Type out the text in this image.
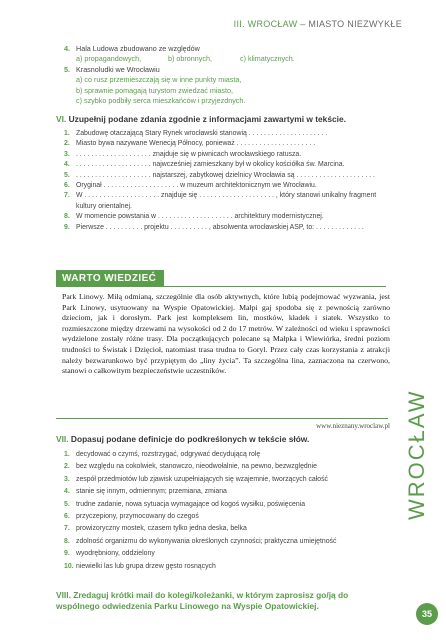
III. WROCŁAW – MIASTO NIEZWYKŁE
4. Hala Ludowa zbudowano ze względów
a) propagandowych,	b) obronnych,	c) klimatycznych.
5. Krasnoludki we Wrocławiu
a) co rusz przemieszczają się w inne punkty miasta,
b) sprawnie pomagają turystom zwiedzać miasto,
c) szybko podbiły serca mieszkańców i przyjezdnych.
VI. Uzupełnij podane zdania zgodnie z informacjami zawartymi w tekście.
1. Zabudowę otaczającą Stary Rynek wrocławski stanowią . . . . . . . . . . . . . . . . . . . . .
2. Miasto bywa nazywane Wenecją Północy, ponieważ . . . . . . . . . . . . . . . . . . . . .
3. . . . . . . . . . . . . . . . . . . . . znajduje się w piwnicach wrocławskiego ratusza.
4. . . . . . . . . . . . . . . . . . . . . najwcześniej zamieszkany był w okolicy kościółka św. Marcina.
5. . . . . . . . . . . . . . . . . . . . . najstarszej, zabytkowej dzielnicy Wrocławia są . . . . . . . . . . . . . . . . . . . . .
6. Oryginał . . . . . . . . . . . . . . . . . . . . w muzeum architektonicznym we Wrocławiu.
7. W . . . . . . . . . . . . . . . . . . . . znajduje się . . . . . . . . . . . . . . . . . . . . , który stanowi unikalny fragment
kultury orientalnej.
8. W momencie powstania w . . . . . . . . . . . . . . . . . . . . architektury modernistycznej.
9. Pierwsze . . . . . . . . . . projektu . . . . . . . . . . , absolwenta wrocławskiej ASP, to: . . . . . . . . . . . . .
WARTO WIEDZIEĆ
Park Linowy. Miłą odmianą, szczególnie dla osób aktywnych, które lubią podejmować wyzwania, jest Park Linowy, usytuowany na Wyspie Opatowickiej. Małpi gaj spodoba się z pewnością zarówno dzieciom, jak i dorosłym. Park jest kompleksem lin, mostków, kładek i siatek. Wszystko to rozmieszczone między drzewami na wysokości od 2 do 17 metrów. W zależności od wieku i sprawności wydzielone zostały różne trasy. Dla początkujących polecane są Małpka i Wiewiórka, średni poziom trudności to Świstak i Dzięcioł, natomiast trasa trudna to Goryl. Przez cały czas korzystania z atrakcji należy bezwarunkowo być przypiętym do „liny życia”. Ta szczególna lina, zaznaczona na czerwono, stanowi o całkowitym bezpieczeństwie uczestników.
www.nieznany.wroclaw.pl
VII. Dopasuj podane definicje do podkreślonych w tekście słów.
1. decydować o czymś, rozstrzygać, odgrywać decydującą rolę
2. bez względu na cokolwiek, stanowczo, nieodwołalnie, na pewno, bezwzględnie
3. zespół przedmiotów lub zjawisk uzupełniających się wzajemnie, tworzących całość
4. stanie się innym, odmiennym; przemiana, zmiana
5. trudne zadanie, nowa sytuacja wymagające od kogoś wysiłku, poświęcenia
6. przyczepiony, przymocowany do czegoś
7. prowizoryczny mostek, czasem tylko jedna deska, belka
8. zdolność organizmu do wykonywania określonych czynności; praktyczna umiejętność
9. wyodrębniony, oddzielony
10. niewielki las lub grupa drzew gęsto rosnących
VIII. Zredaguj krótki mail do kolegi/koleżanki, w którym zaprosisz go/ją do wspólnego odwiedzenia Parku Linowego na Wyspie Opatowickiej.
WROCŁAW
35
